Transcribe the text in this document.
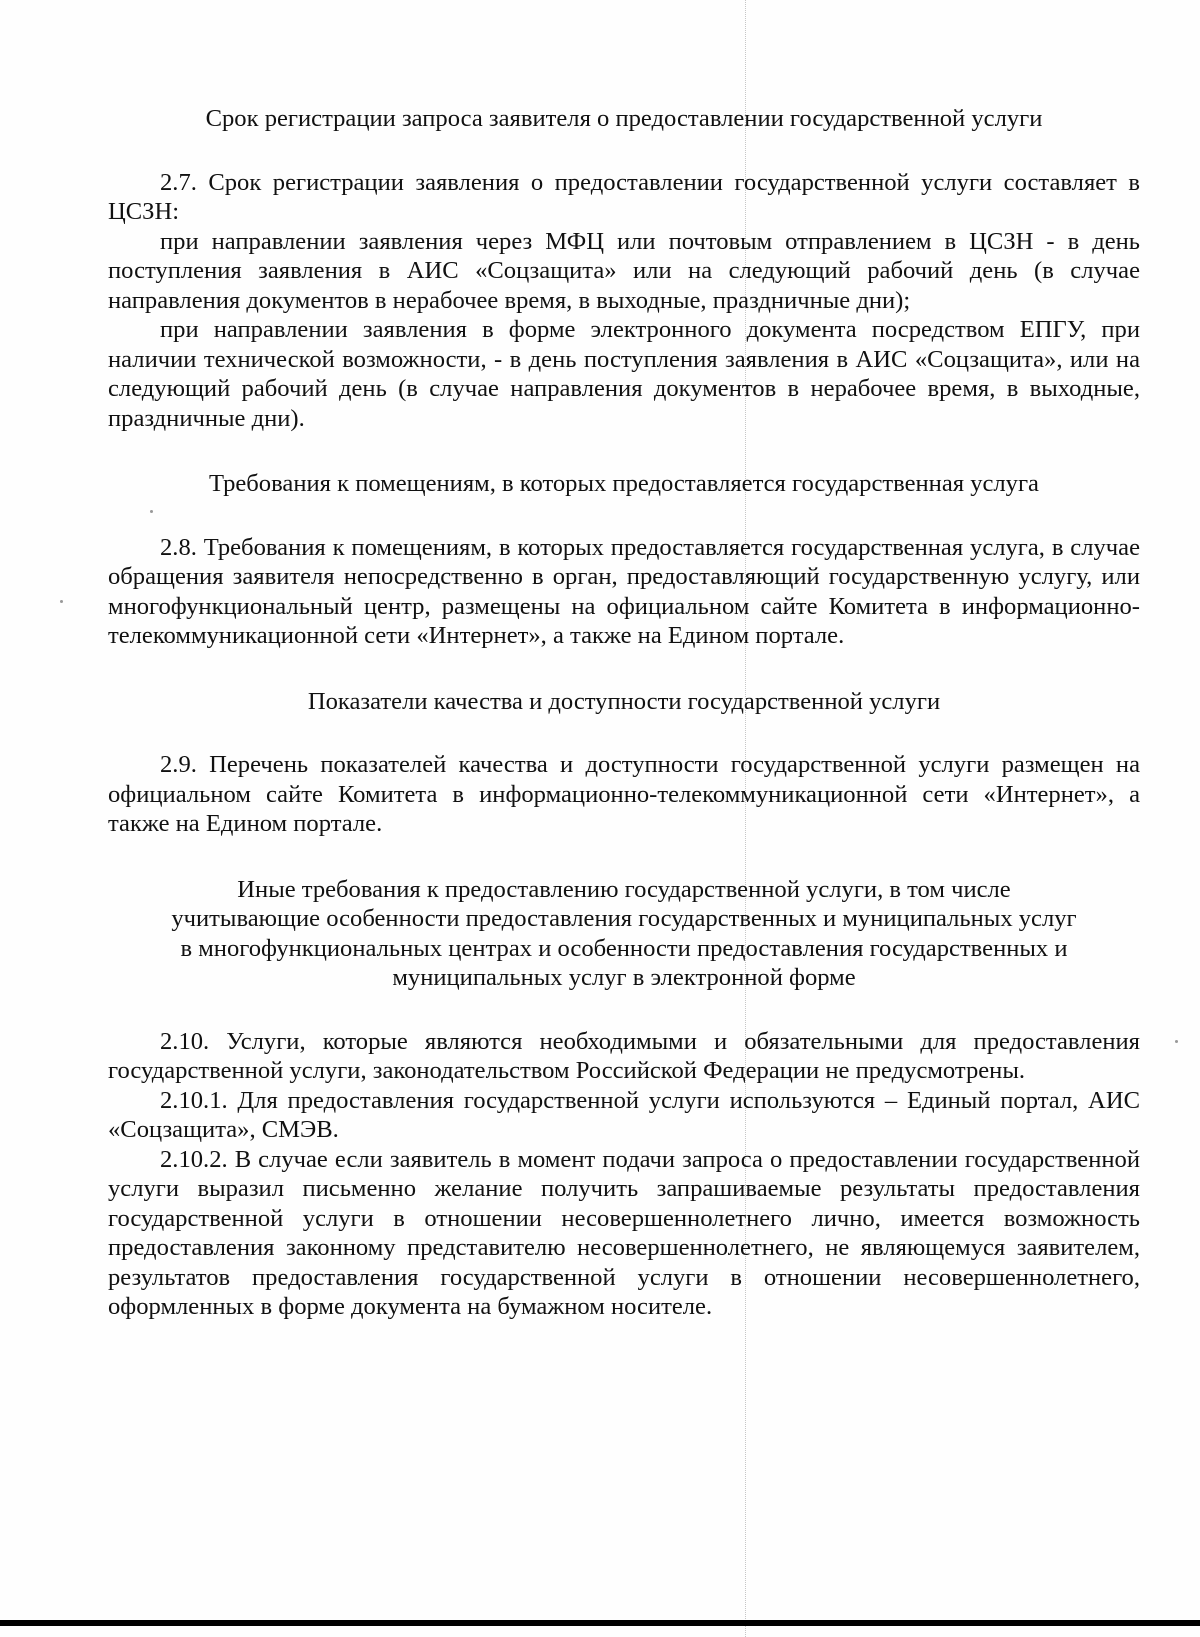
Срок регистрации запроса заявителя о предоставлении государственной услуги

2.7. Срок регистрации заявления о предоставлении государственной услуги составляет в ЦСЗН:

при направлении заявления через МФЦ или почтовым отправлением в ЦСЗН - в день поступления заявления в АИС «Соцзащита» или на следующий рабочий день (в случае направления документов в нерабочее время, в выходные, праздничные дни);

при направлении заявления в форме электронного документа посредством ЕПГУ, при наличии технической возможности, - в день поступления заявления в АИС «Соцзащита», или на следующий рабочий день (в случае направления документов в нерабочее время, в выходные, праздничные дни).

Требования к помещениям, в которых предоставляется государственная услуга

2.8. Требования к помещениям, в которых предоставляется государственная услуга, в случае обращения заявителя непосредственно в орган, предоставляющий государственную услугу, или многофункциональный центр, размещены на официальном сайте Комитета в информационно-телекоммуникационной сети «Интернет», а также на Едином портале.

Показатели качества и доступности государственной услуги

2.9. Перечень показателей качества и доступности государственной услуги размещен на официальном сайте Комитета в информационно-телекоммуникационной сети «Интернет», а также на Едином портале.

Иные требования к предоставлению государственной услуги, в том числе учитывающие особенности предоставления государственных и муниципальных услуг в многофункциональных центрах и особенности предоставления государственных и муниципальных услуг в электронной форме

2.10. Услуги, которые являются необходимыми и обязательными для предоставления государственной услуги, законодательством Российской Федерации не предусмотрены.

2.10.1. Для предоставления государственной услуги используются – Единый портал, АИС «Соцзащита», СМЭВ.

2.10.2. В случае если заявитель в момент подачи запроса о предоставлении государственной услуги выразил письменно желание получить запрашиваемые результаты предоставления государственной услуги в отношении несовершеннолетнего лично, имеется возможность предоставления законному представителю несовершеннолетнего, не являющемуся заявителем, результатов предоставления государственной услуги в отношении несовершеннолетнего, оформленных в форме документа на бумажном носителе.
